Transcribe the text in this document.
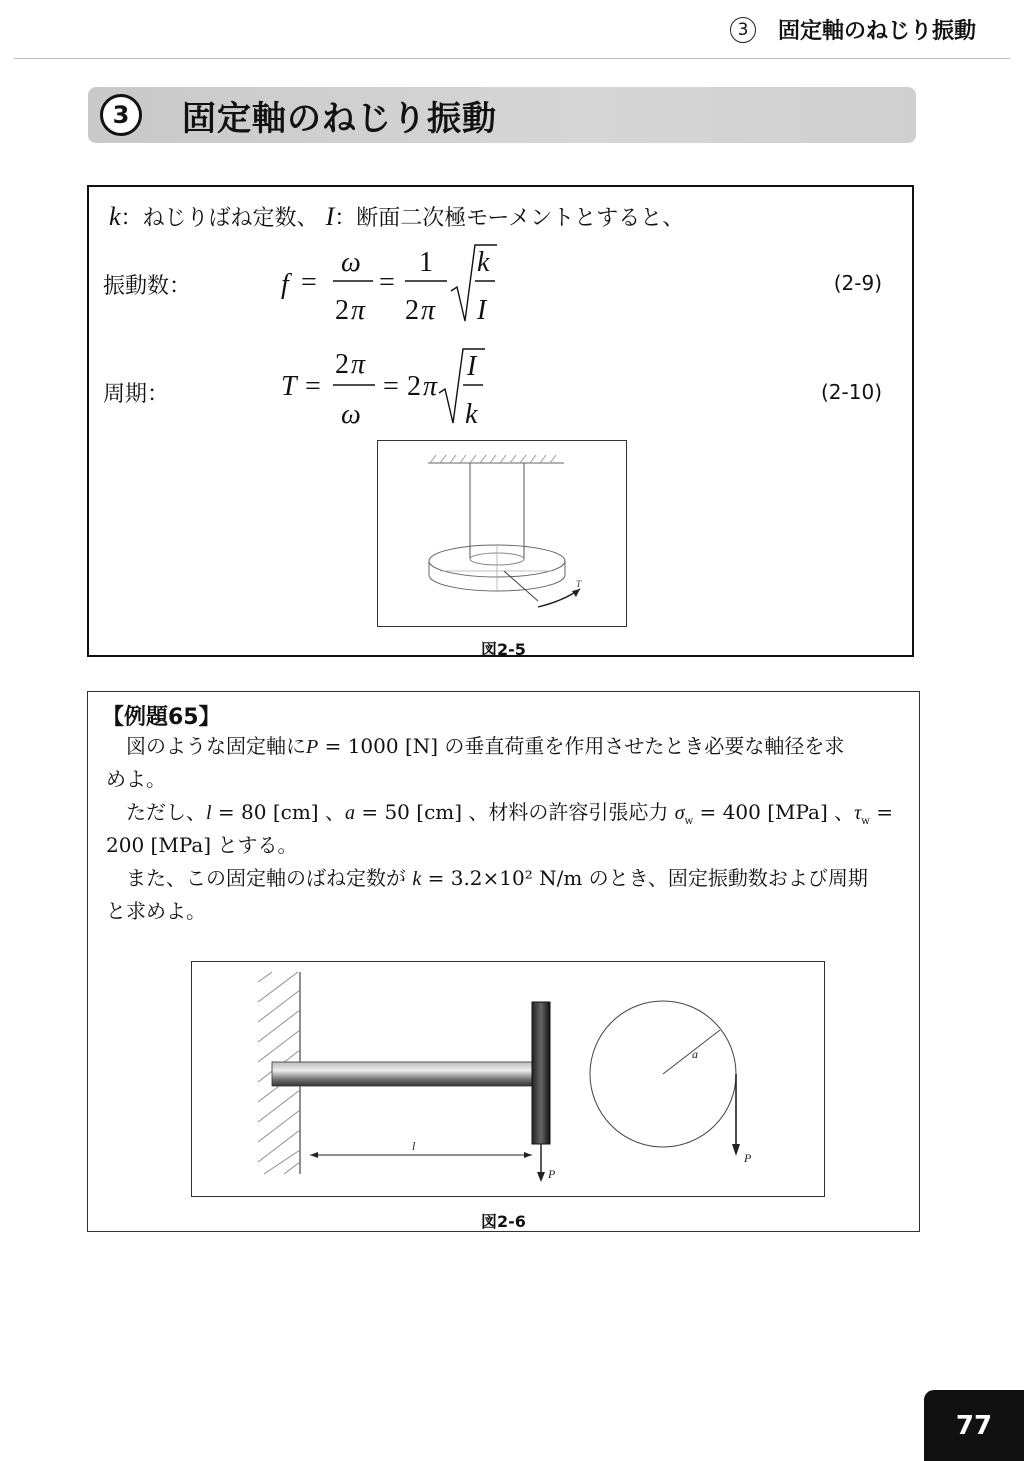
3	固定軸のねじり振動
3	固定軸のねじり振動
k：ねじりばね定数、 I：断面二次極モーメントとすると、
振動数：	f =
ω
2 π
=
1
2 π
k
I
(2-9)
周期：	T =
2 π
ω
= 2 π
I
k
(2-10)
T
図2-5
【例題65】
図のような固定軸にP = 1000 [N] の垂直荷重を作用させたとき必要な軸径を求
めよ。
ただし、l = 80 [cm] 、a = 50 [cm] 、材料の許容引張応力 $\sigma_w = 400$ [MPa] 、$\tau_w$ =
200 [MPa] とする。
また、この固定軸のばね定数が k = 3.2×10² N/m のとき、固定振動数および周期
と求めよ。
l
P
a
P
図2-6
77
